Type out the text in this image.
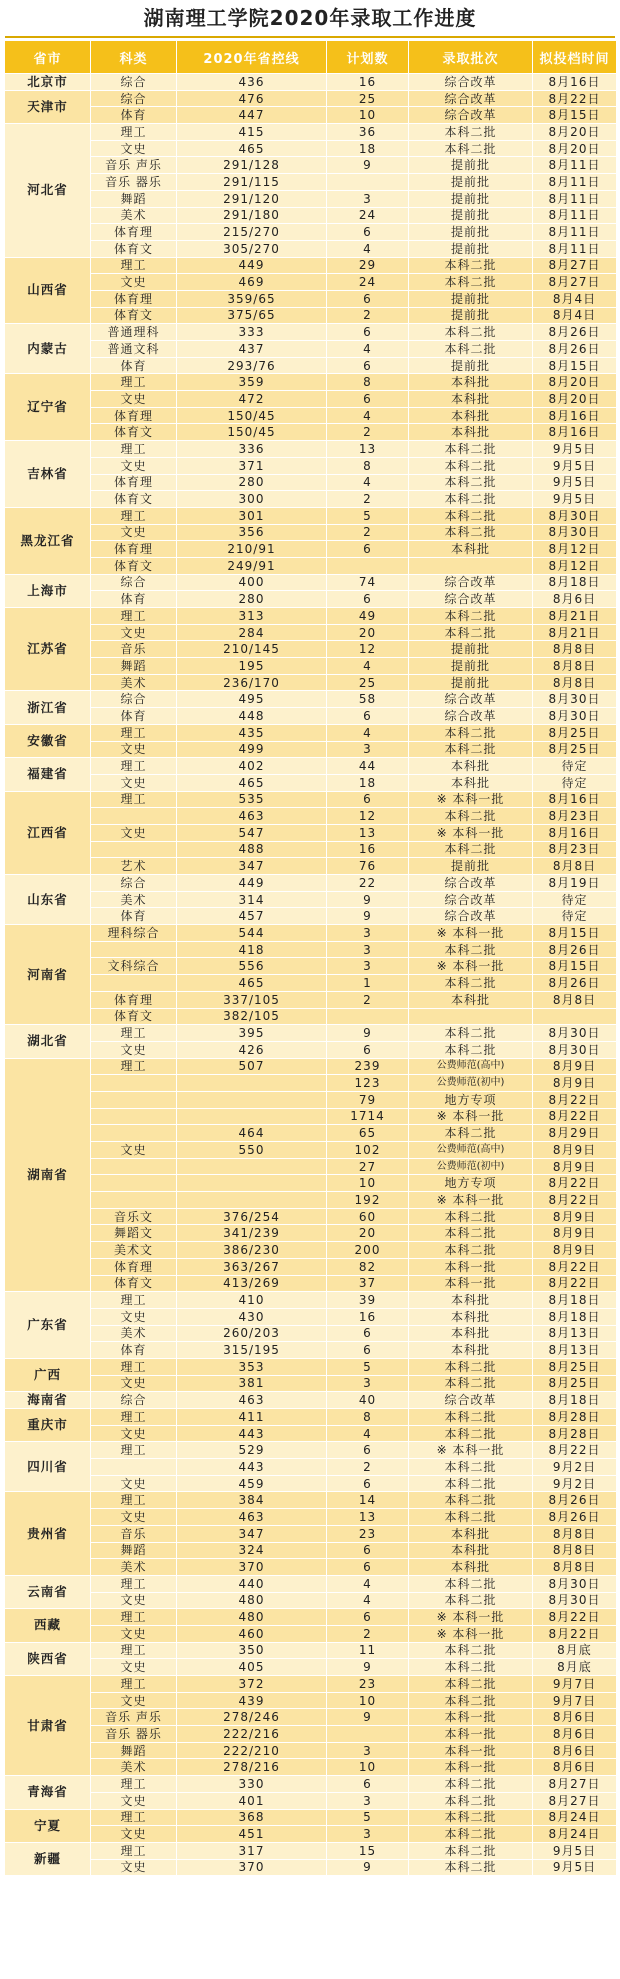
湖南理工学院2020年录取工作进度
省市	科类	2020年省控线	计划数	录取批次	拟投档时间
北京市	综合	436	16	综合改革	8月16日
天津市	综合	476	25	综合改革	8月22日
	体育	447	10	综合改革	8月15日
河北省	理工	415	36	本科二批	8月20日
	文史	465	18	本科二批	8月20日
	音乐 声乐	291/128	9	提前批	8月11日
	音乐 器乐	291/115		提前批	8月11日
	舞蹈	291/120	3	提前批	8月11日
	美术	291/180	24	提前批	8月11日
	体育理	215/270	6	提前批	8月11日
	体育文	305/270	4	提前批	8月11日
山西省	理工	449	29	本科二批	8月27日
	文史	469	24	本科二批	8月27日
	体育理	359/65	6	提前批	8月4日
	体育文	375/65	2	提前批	8月4日
内蒙古	普通理科	333	6	本科二批	8月26日
	普通文科	437	4	本科二批	8月26日
	体育	293/76	6	提前批	8月15日
辽宁省	理工	359	8	本科批	8月20日
	文史	472	6	本科批	8月20日
	体育理	150/45	4	本科批	8月16日
	体育文	150/45	2	本科批	8月16日
吉林省	理工	336	13	本科二批	9月5日
	文史	371	8	本科二批	9月5日
	体育理	280	4	本科二批	9月5日
	体育文	300	2	本科二批	9月5日
黑龙江省	理工	301	5	本科二批	8月30日
	文史	356	2	本科二批	8月30日
	体育理	210/91	6	本科批	8月12日
	体育文	249/91			8月12日
上海市	综合	400	74	综合改革	8月18日
	体育	280	6	综合改革	8月6日
江苏省	理工	313	49	本科二批	8月21日
	文史	284	20	本科二批	8月21日
	音乐	210/145	12	提前批	8月8日
	舞蹈	195	4	提前批	8月8日
	美术	236/170	25	提前批	8月8日
浙江省	综合	495	58	综合改革	8月30日
	体育	448	6	综合改革	8月30日
安徽省	理工	435	4	本科二批	8月25日
	文史	499	3	本科二批	8月25日
福建省	理工	402	44	本科批	待定
	文史	465	18	本科批	待定
江西省	理工	535	6	※ 本科一批	8月16日
		463	12	本科二批	8月23日
	文史	547	13	※ 本科一批	8月16日
		488	16	本科二批	8月23日
	艺术	347	76	提前批	8月8日
山东省	综合	449	22	综合改革	8月19日
	美术	314	9	综合改革	待定
	体育	457	9	综合改革	待定
河南省	理科综合	544	3	※ 本科一批	8月15日
		418	3	本科二批	8月26日
	文科综合	556	3	※ 本科一批	8月15日
		465	1	本科二批	8月26日
	体育理	337/105	2	本科批	8月8日
	体育文	382/105			
湖北省	理工	395	9	本科二批	8月30日
	文史	426	6	本科二批	8月30日
湖南省	理工	507	239	公费师范(高中)	8月9日
			123	公费师范(初中)	8月9日
			79	地方专项	8月22日
			1714	※ 本科一批	8月22日
		464	65	本科二批	8月29日
	文史	550	102	公费师范(高中)	8月9日
			27	公费师范(初中)	8月9日
			10	地方专项	8月22日
			192	※ 本科一批	8月22日
	音乐文	376/254	60	本科二批	8月9日
	舞蹈文	341/239	20	本科二批	8月9日
	美术文	386/230	200	本科二批	8月9日
	体育理	363/267	82	本科一批	8月22日
	体育文	413/269	37	本科一批	8月22日
广东省	理工	410	39	本科批	8月18日
	文史	430	16	本科批	8月18日
	美术	260/203	6	本科批	8月13日
	体育	315/195	6	本科批	8月13日
广西	理工	353	5	本科二批	8月25日
	文史	381	3	本科二批	8月25日
海南省	综合	463	40	综合改革	8月18日
重庆市	理工	411	8	本科二批	8月28日
	文史	443	4	本科二批	8月28日
四川省	理工	529	6	※ 本科一批	8月22日
		443	2	本科二批	9月2日
	文史	459	6	本科二批	9月2日
贵州省	理工	384	14	本科二批	8月26日
	文史	463	13	本科二批	8月26日
	音乐	347	23	本科批	8月8日
	舞蹈	324	6	本科批	8月8日
	美术	370	6	本科批	8月8日
云南省	理工	440	4	本科二批	8月30日
	文史	480	4	本科二批	8月30日
西藏	理工	480	6	※ 本科一批	8月22日
	文史	460	2	※ 本科一批	8月22日
陕西省	理工	350	11	本科二批	8月底
	文史	405	9	本科二批	8月底
甘肃省	理工	372	23	本科二批	9月7日
	文史	439	10	本科二批	9月7日
	音乐 声乐	278/246	9	本科一批	8月6日
	音乐 器乐	222/216		本科一批	8月6日
	舞蹈	222/210	3	本科一批	8月6日
	美术	278/216	10	本科一批	8月6日
青海省	理工	330	6	本科二批	8月27日
	文史	401	3	本科二批	8月27日
宁夏	理工	368	5	本科二批	8月24日
	文史	451	3	本科二批	8月24日
新疆	理工	317	15	本科二批	9月5日
	文史	370	9	本科二批	9月5日
